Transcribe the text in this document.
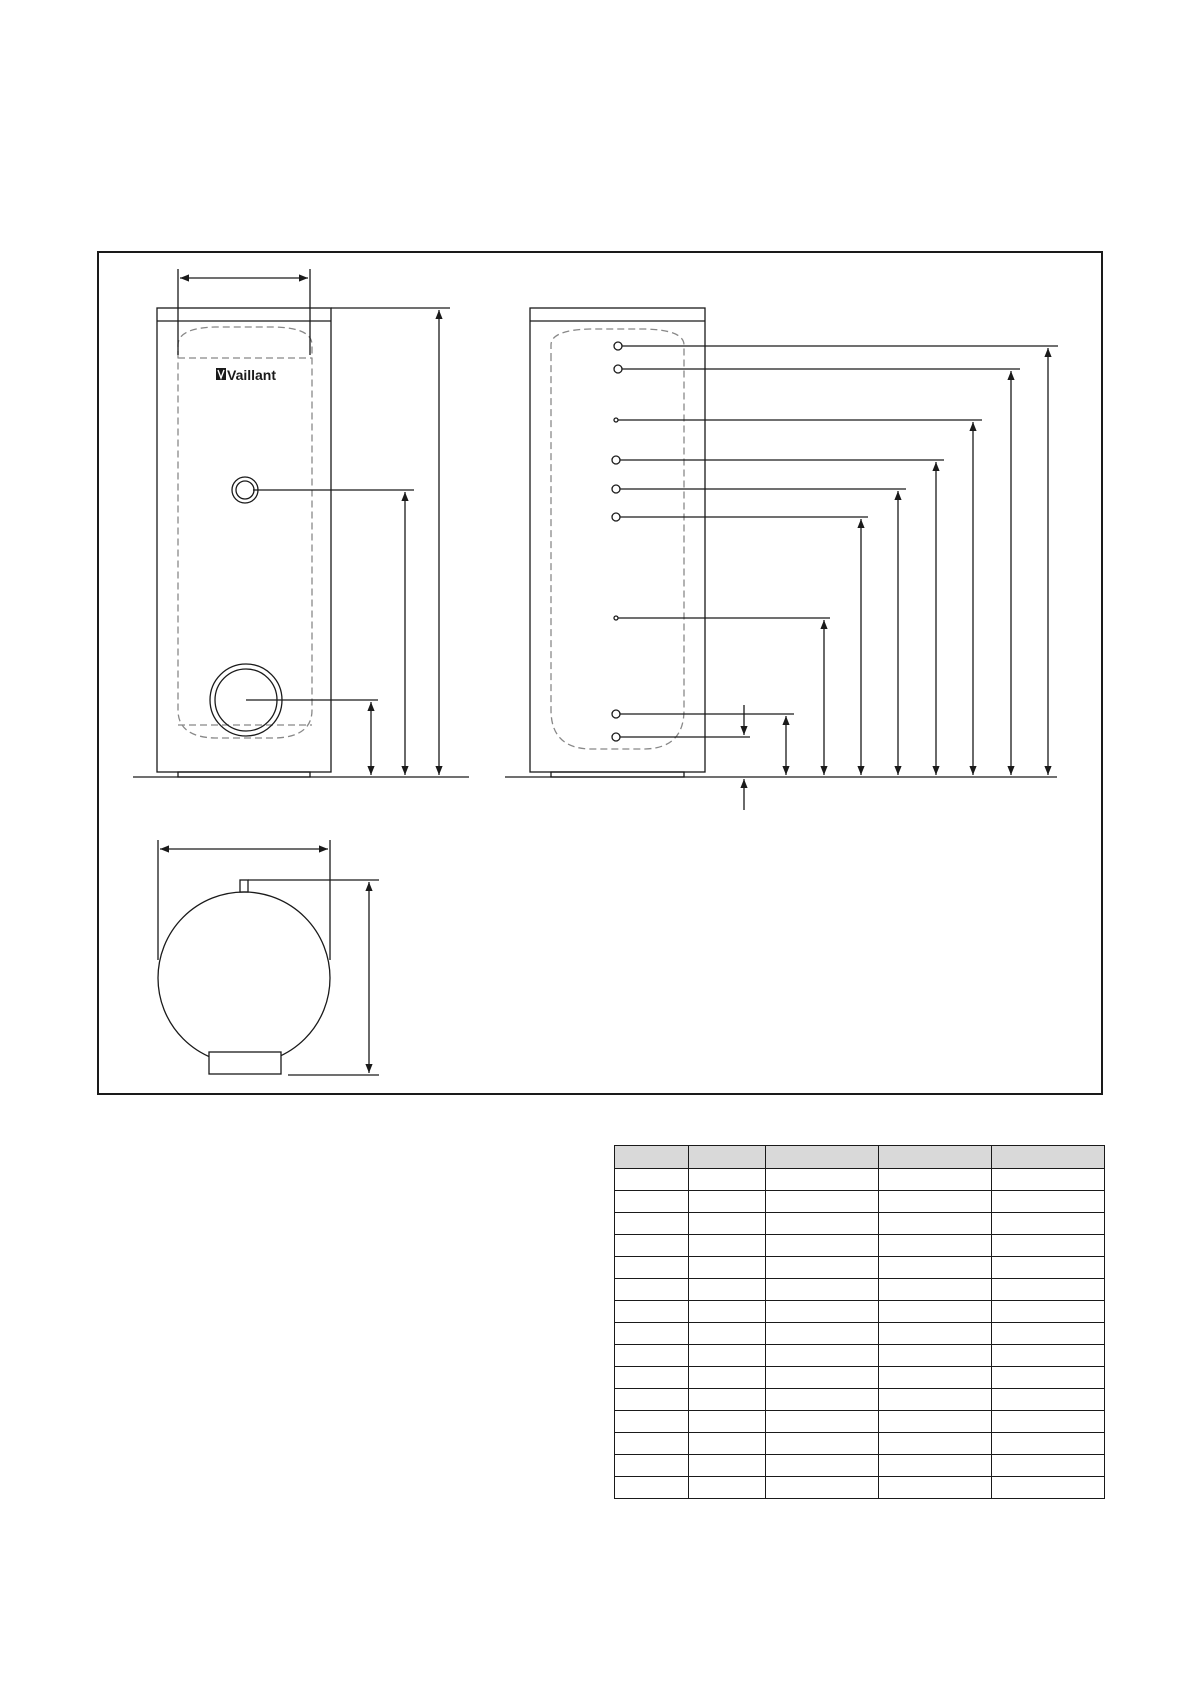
Vaillant
